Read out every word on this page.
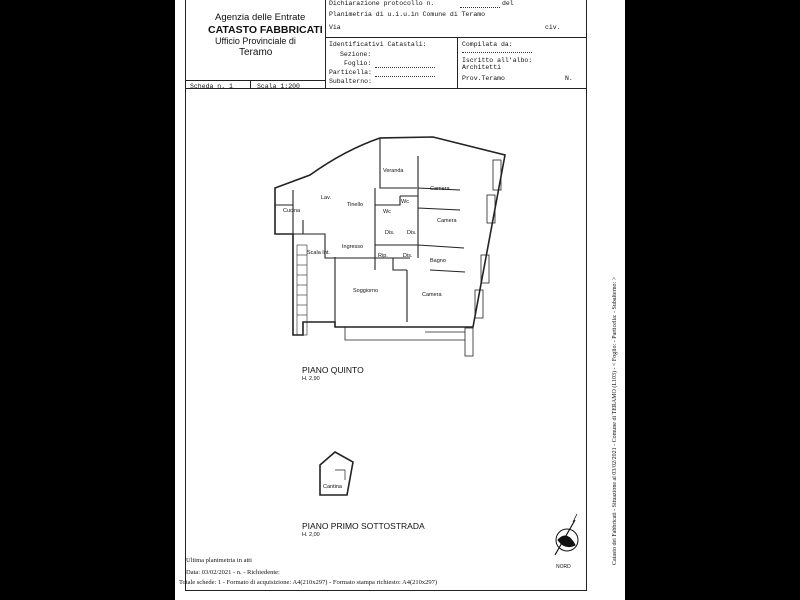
Agenzia delle Entrate
CATASTO FABBRICATI
Ufficio Provinciale di
Teramo
Dichiarazione protocollo n.	del
Planimetria di u.i.u.in Comune di Teramo
Via	civ.
Identificativi Catastali:
Sezione:
Foglio:
Particella:
Subalterno:
Compilata da:
Iscritto all'albo:
Architetti
Prov.Teramo	N.
Scheda n. 1	Scala 1:200
Veranda
Camera
Cucina
Lav.
Tinello
Wc
Wc
Camera
Dis. Dis.
Ingresso
Scala Int.	Rip.	Dis.
Bagno
Soggiorno
Camera
Cantina
PIANO QUINTO
H. 2,90
PIANO PRIMO SOTTOSTRADA
H. 2,00
NORD
Ultima planimetria in atti
Data: 03/02/2021 - n. - Richiedente:
Totale schede: 1 - Formato di acquisizione: A4(210x297) - Formato stampa richiesto: A4(210x297)
Catasto dei Fabbricati - Situazione al 03/02/2021 - Comune di TERAMO (L103) - < Foglio: - Particella: - Subalterno: >
